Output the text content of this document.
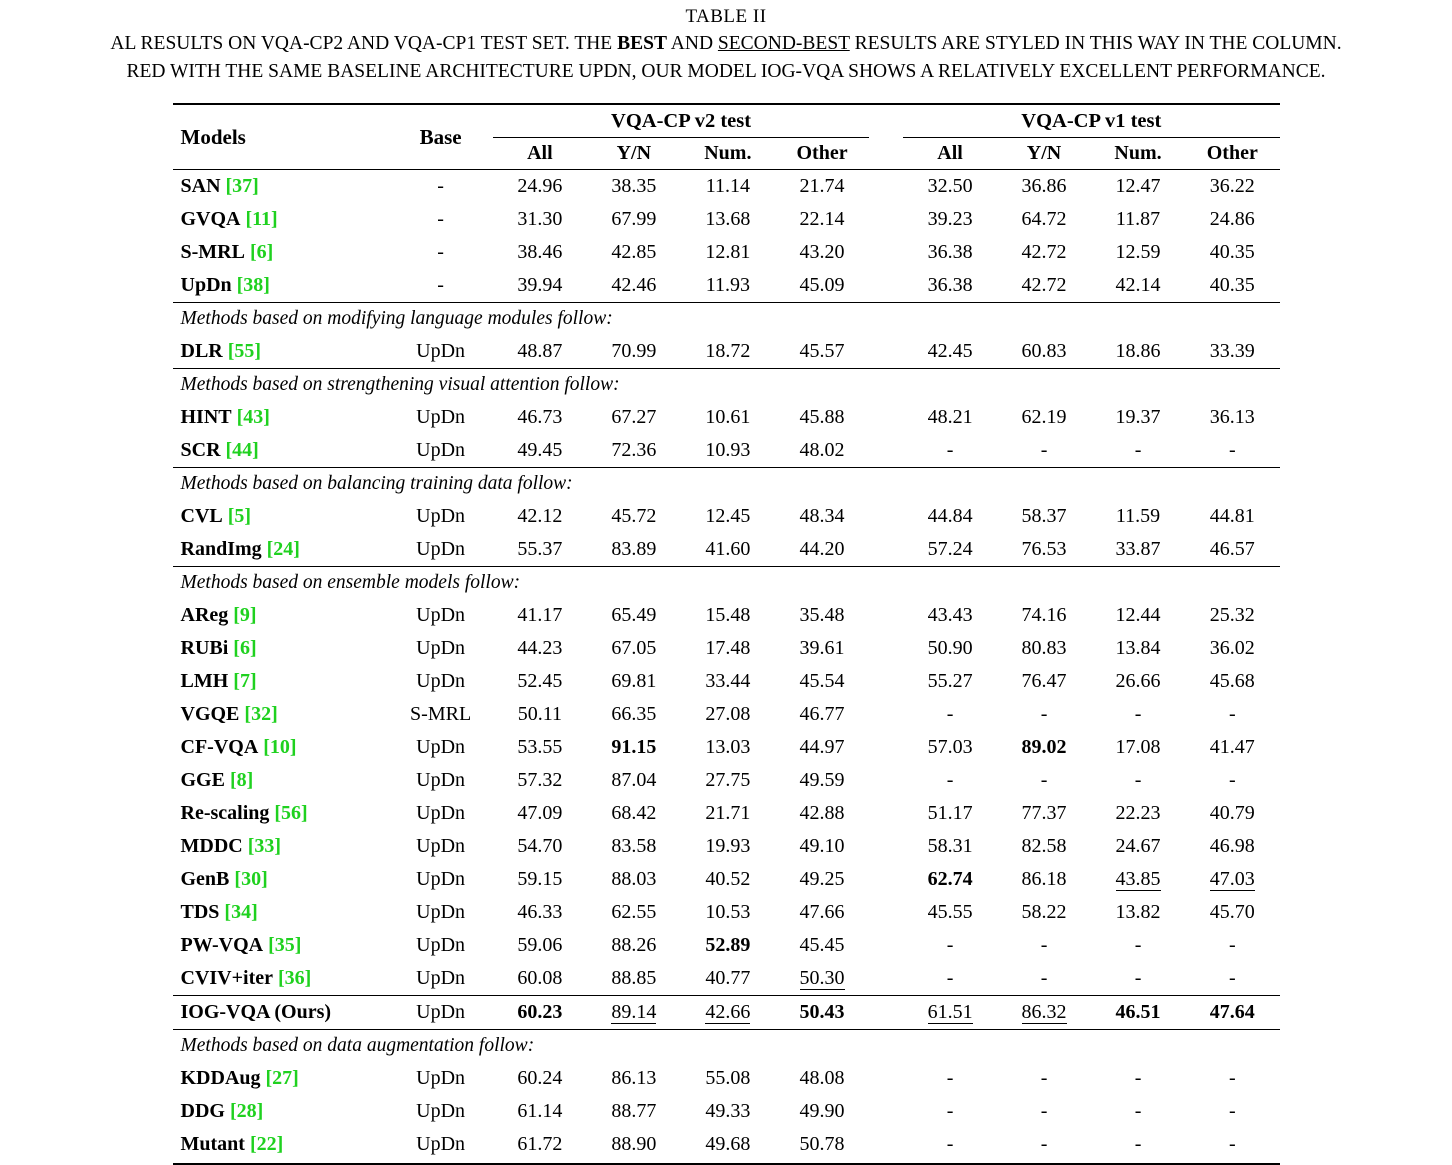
TABLE II
AL RESULTS ON VQA-CP2 AND VQA-CP1 TEST SET. THE BEST AND SECOND-BEST RESULTS ARE STYLED IN THIS WAY IN THE COLUMN.
RED WITH THE SAME BASELINE ARCHITECTURE UPDN, OUR MODEL IOG-VQA SHOWS A RELATIVELY EXCELLENT PERFORMANCE.
Models	Base	VQA-CP v2 test					VQA-CP v1 test			
		All	Y/N	Num.	Other		All	Y/N	Num.	Other
SAN [37]	-	24.96	38.35	11.14	21.74		32.50	36.86	12.47	36.22
GVQA [11]	-	31.30	67.99	13.68	22.14		39.23	64.72	11.87	24.86
S-MRL [6]	-	38.46	42.85	12.81	43.20		36.38	42.72	12.59	40.35
UpDn [38]	-	39.94	42.46	11.93	45.09		36.38	42.72	42.14	40.35
Methods based on modifying language modules follow:										
DLR [55]	UpDn	48.87	70.99	18.72	45.57		42.45	60.83	18.86	33.39
Methods based on strengthening visual attention follow:										
HINT [43]	UpDn	46.73	67.27	10.61	45.88		48.21	62.19	19.37	36.13
SCR [44]	UpDn	49.45	72.36	10.93	48.02		-	-	-	-
Methods based on balancing training data follow:										
CVL [5]	UpDn	42.12	45.72	12.45	48.34		44.84	58.37	11.59	44.81
RandImg [24]	UpDn	55.37	83.89	41.60	44.20		57.24	76.53	33.87	46.57
Methods based on ensemble models follow:										
AReg [9]	UpDn	41.17	65.49	15.48	35.48		43.43	74.16	12.44	25.32
RUBi [6]	UpDn	44.23	67.05	17.48	39.61		50.90	80.83	13.84	36.02
LMH [7]	UpDn	52.45	69.81	33.44	45.54		55.27	76.47	26.66	45.68
VGQE [32]	S-MRL	50.11	66.35	27.08	46.77		-	-	-	-
CF-VQA [10]	UpDn	53.55	91.15	13.03	44.97		57.03	89.02	17.08	41.47
GGE [8]	UpDn	57.32	87.04	27.75	49.59		-	-	-	-
Re-scaling [56]	UpDn	47.09	68.42	21.71	42.88		51.17	77.37	22.23	40.79
MDDC [33]	UpDn	54.70	83.58	19.93	49.10		58.31	82.58	24.67	46.98
GenB [30]	UpDn	59.15	88.03	40.52	49.25		62.74	86.18	43.85	47.03
TDS [34]	UpDn	46.33	62.55	10.53	47.66		45.55	58.22	13.82	45.70
PW-VQA [35]	UpDn	59.06	88.26	52.89	45.45		-	-	-	-
CVIV+iter [36]	UpDn	60.08	88.85	40.77	50.30		-	-	-	-
IOG-VQA (Ours)	UpDn	60.23	89.14	42.66	50.43		61.51	86.32	46.51	47.64
Methods based on data augmentation follow:										
KDDAug [27]	UpDn	60.24	86.13	55.08	48.08		-	-	-	-
DDG [28]	UpDn	61.14	88.77	49.33	49.90		-	-	-	-
Mutant [22]	UpDn	61.72	88.90	49.68	50.78		-	-	-	-
